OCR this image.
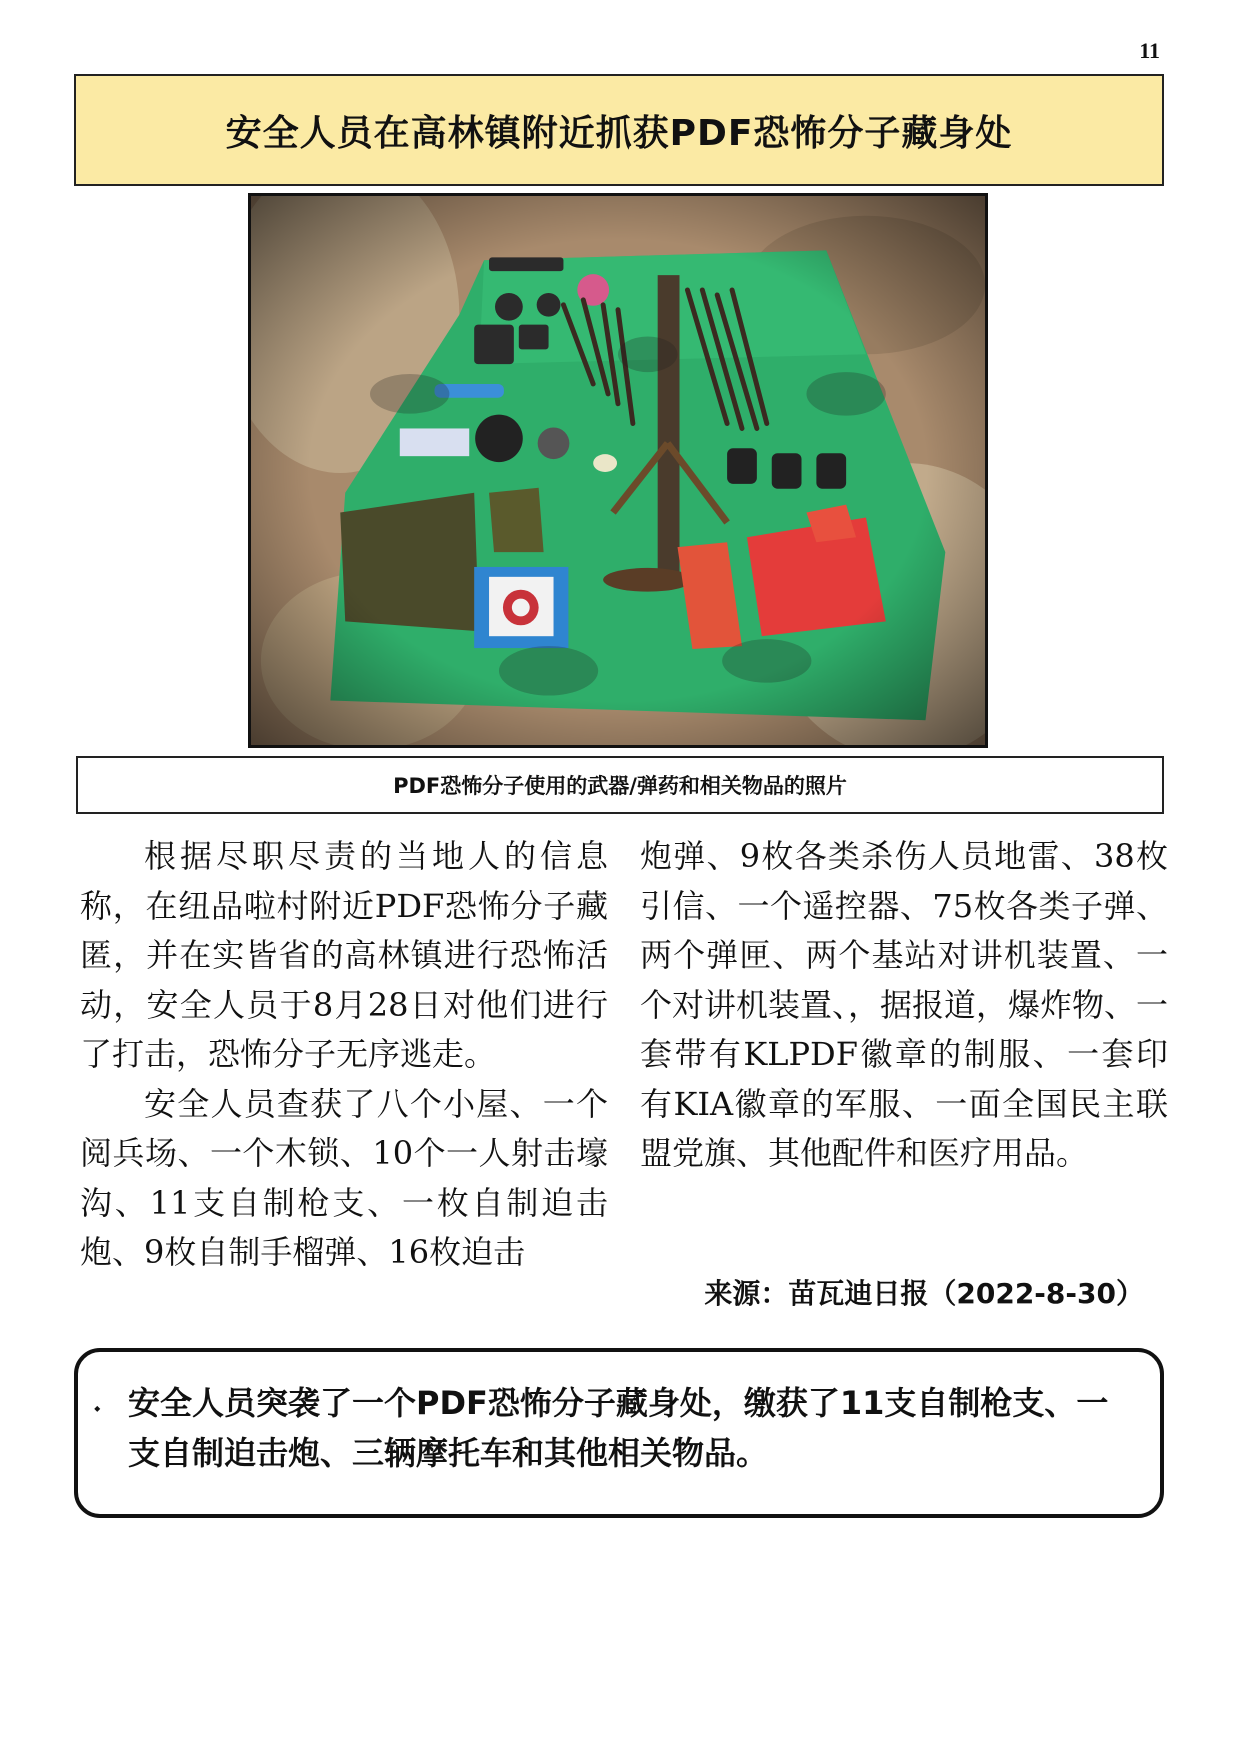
11
安全人员在高林镇附近抓获PDF恐怖分子藏身处
PDF恐怖分子使用的武器/弹药和相关物品的照片

根据尽职尽责的当地人的信息称，在纽品啦村附近PDF恐怖分子藏匿，并在实皆省的高林镇进行恐怖活动，安全人员于8月28日对他们进行了打击，恐怖分子无序逃走。

安全人员查获了八个小屋、一个阅兵场、一个木锁、10个一人射击壕沟、11支自制枪支、一枚自制迫击炮、9枚自制手榴弹、16枚迫击

炮弹、9枚各类杀伤人员地雷、38枚引信、一个遥控器、75枚各类子弹、两个弹匣、两个基站对讲机装置、一个对讲机装置、，据报道，爆炸物、一套带有KLPDF徽章的制服、一套印有KIA徽章的军服、一面全国民主联盟党旗、其他配件和医疗用品。

来源：苗瓦迪日报（2022-8-30）
⬩ 安全人员突袭了一个PDF恐怖分子藏身处，缴获了11支自制枪支、一支自制迫击炮、三辆摩托车和其他相关物品。
